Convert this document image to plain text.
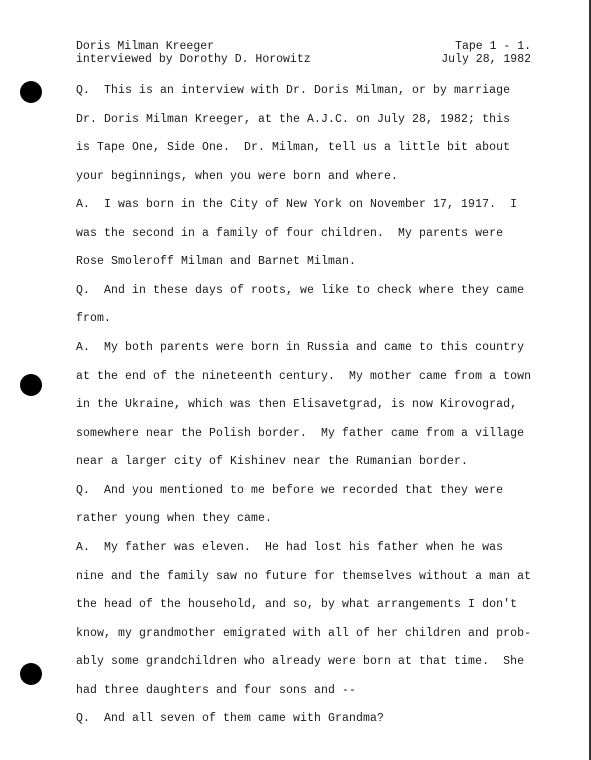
Doris Milman Kreeger
interviewed by Dorothy D. Horowitz
Tape 1 - 1.
July 28, 1982
Q.  This is an interview with Dr. Doris Milman, or by marriage
Dr. Doris Milman Kreeger, at the A.J.C. on July 28, 1982; this
is Tape One, Side One.  Dr. Milman, tell us a little bit about
your beginnings, when you were born and where.
A.  I was born in the City of New York on November 17, 1917.  I
was the second in a family of four children.  My parents were
Rose Smoleroff Milman and Barnet Milman.
Q.  And in these days of roots, we like to check where they came
from.
A.  My both parents were born in Russia and came to this country
at the end of the nineteenth century.  My mother came from a town
in the Ukraine, which was then Elisavetgrad, is now Kirovograd,
somewhere near the Polish border.  My father came from a village
near a larger city of Kishinev near the Rumanian border.
Q.  And you mentioned to me before we recorded that they were
rather young when they came.
A.  My father was eleven.  He had lost his father when he was
nine and the family saw no future for themselves without a man at
the head of the household, and so, by what arrangements I don't
know, my grandmother emigrated with all of her children and prob-
ably some grandchildren who already were born at that time.  She
had three daughters and four sons and --
Q.  And all seven of them came with Grandma?
